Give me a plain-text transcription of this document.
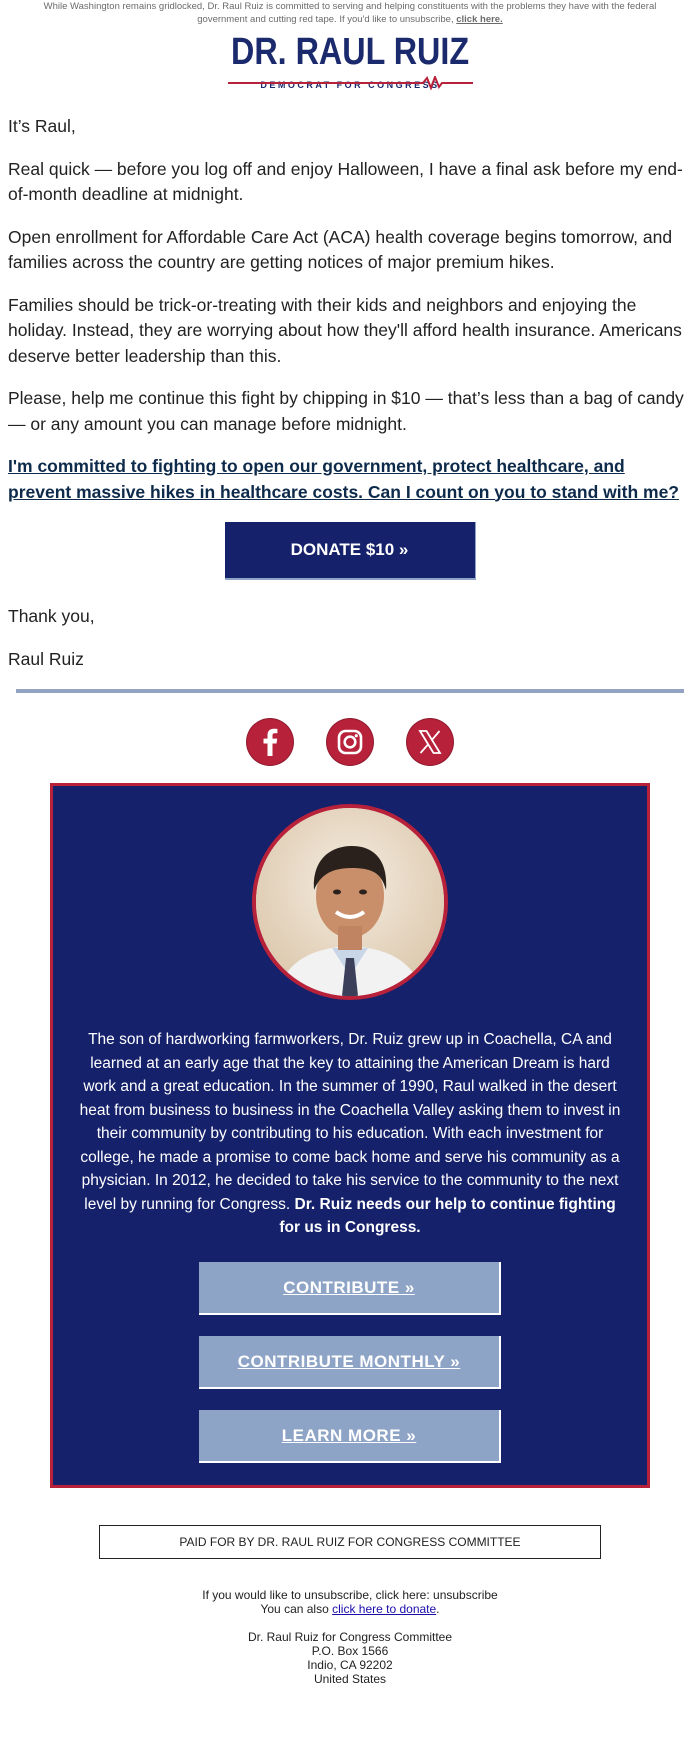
While Washington remains gridlocked, Dr. Raul Ruiz is committed to serving and helping constituents with the problems they have with the federal government and cutting red tape. If you'd like to unsubscribe, click here.
DR. RAUL RUIZ
DEMOCRAT FOR CONGRESS

It’s Raul,

Real quick — before you log off and enjoy Halloween, I have a final ask before my end-of-month deadline at midnight.

Open enrollment for Affordable Care Act (ACA) health coverage begins tomorrow, and families across the country are getting notices of major premium hikes.

Families should be trick-or-treating with their kids and neighbors and enjoying the holiday. Instead, they are worrying about how they'll afford health insurance. Americans deserve better leadership than this.

Please, help me continue this fight by chipping in $10 — that’s less than a bag of candy — or any amount you can manage before midnight.

I'm committed to fighting to open our government, protect healthcare, and prevent massive hikes in healthcare costs. Can I count on you to stand with me?

DONATE $10 »

Thank you,

Raul Ruiz

The son of hardworking farmworkers, Dr. Ruiz grew up in Coachella, CA and learned at an early age that the key to attaining the American Dream is hard work and a great education. In the summer of 1990, Raul walked in the desert heat from business to business in the Coachella Valley asking them to invest in their community by contributing to his education. With each investment for college, he made a promise to come back home and serve his community as a physician. In 2012, he decided to take his service to the community to the next level by running for Congress. Dr. Ruiz needs our help to continue fighting for us in Congress.
CONTRIBUTE »
CONTRIBUTE MONTHLY »
LEARN MORE »
PAID FOR BY DR. RAUL RUIZ FOR CONGRESS COMMITTEE
If you would like to unsubscribe, click here: unsubscribe
You can also click here to donate.
Dr. Raul Ruiz for Congress Committee
P.O. Box 1566
Indio, CA 92202
United States
